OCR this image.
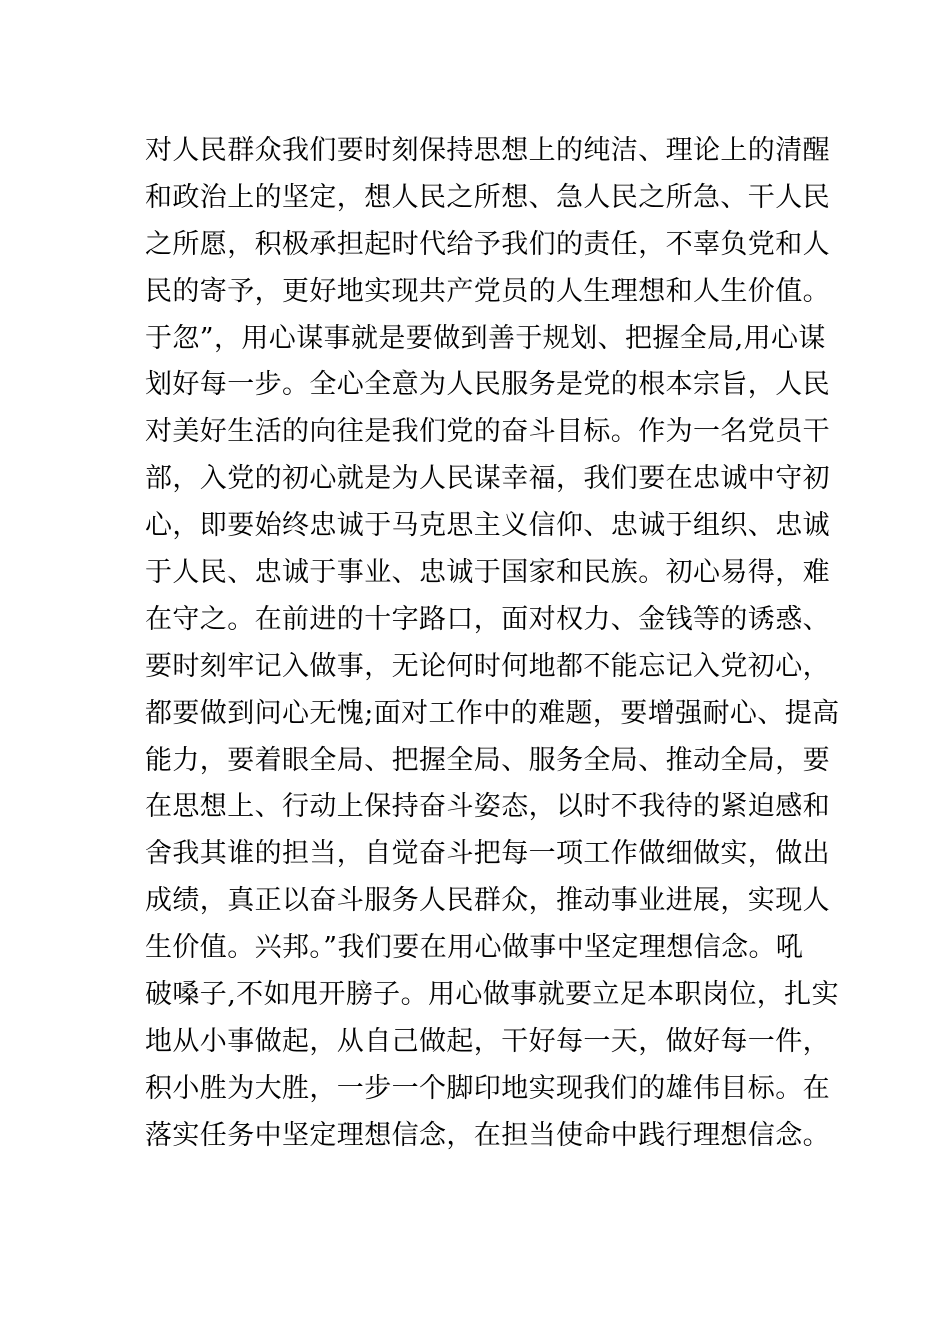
对人民群众我们要时刻保持思想上的纯洁、理论上的清醒
和政治上的坚定，想人民之所想、急人民之所急、干人民
之所愿，积极承担起时代给予我们的责任，不辜负党和人
民的寄予，更好地实现共产党员的人生理想和人生价值。
于忽”，用心谋事就是要做到善于规划、把握全局,用心谋
划好每一步。全心全意为人民服务是党的根本宗旨，人民
对美好生活的向往是我们党的奋斗目标。作为一名党员干
部，入党的初心就是为人民谋幸福，我们要在忠诚中守初
心，即要始终忠诚于马克思主义信仰、忠诚于组织、忠诚
于人民、忠诚于事业、忠诚于国家和民族。初心易得，难
在守之。在前进的十字路口，面对权力、金钱等的诱惑、
要时刻牢记入做事，无论何时何地都不能忘记入党初心，
都要做到问心无愧;面对工作中的难题，要增强耐心、提高
能力，要着眼全局、把握全局、服务全局、推动全局，要
在思想上、行动上保持奋斗姿态，以时不我待的紧迫感和
舍我其谁的担当，自觉奋斗把每一项工作做细做实，做出
成绩，真正以奋斗服务人民群众，推动事业进展，实现人
生价值。兴邦。”我们要在用心做事中坚定理想信念。吼
破嗓子,不如甩开膀子。用心做事就要立足本职岗位，扎实
地从小事做起，从自己做起，干好每一天，做好每一件，
积小胜为大胜，一步一个脚印地实现我们的雄伟目标。在
落实任务中坚定理想信念，在担当使命中践行理想信念。
